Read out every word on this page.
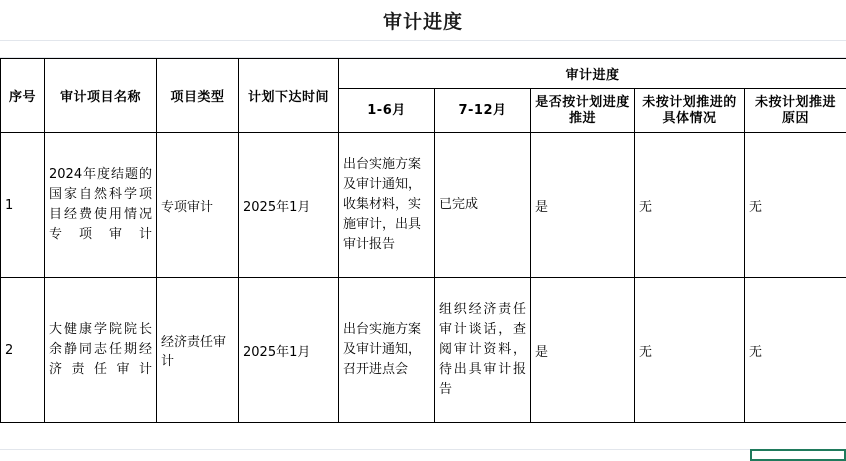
审计进度
序号	审计项目名称	项目类型	计划下达时间	审计进度				
				1-6月	7-12月	是否按计划进度推进	未按计划推进的具体情况	未按计划推进原因
1	2024年度结题的国家自然科学项目经费使用情况专项审计	专项审计	2025年1月	出台实施方案及审计通知，收集材料，实施审计，出具审计报告	已完成	是	无	无
2	大健康学院院长余静同志任期经济责任审计	经济责任审计	2025年1月	出台实施方案及审计通知，召开进点会	组织经济责任审计谈话，查阅审计资料，待出具审计报告	是	无	无
